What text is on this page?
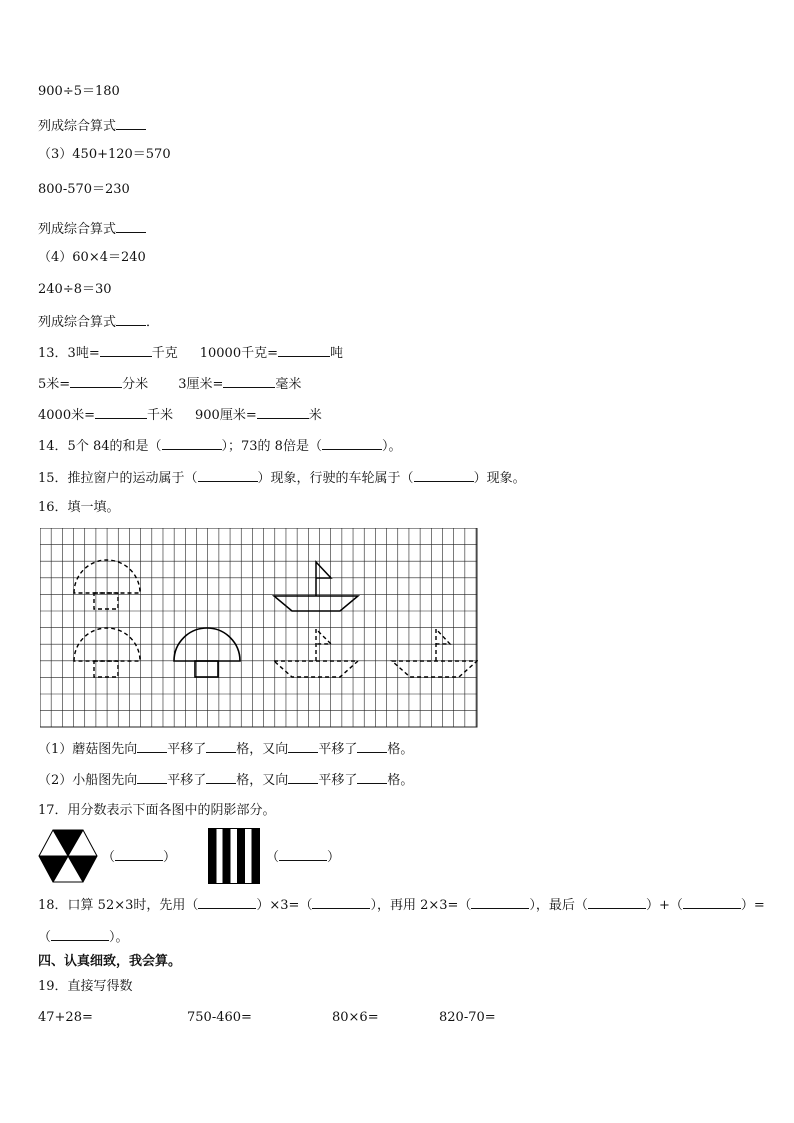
900÷5＝180
列成综合算式
（3）450+120＝570
800-570＝230
列成综合算式
（4）60×4＝240
240÷8＝30
列成综合算式 ．
13．3吨=	千克 10000千克=	吨
5米=	分米 3厘米=	毫米
4000米=	千米 900厘米=	米
14．5个 84的和是（	）；73的 8倍是（	）。
15．推拉窗户的运动属于（	）现象，行驶的车轮属于（	）现象。
16．填一填。
（1）蘑菇图先向 平移了 格，又向 平移了 格。
（2）小船图先向 平移了 格，又向 平移了 格。
17．用分数表示下面各图中的阴影部分。
（	）	（	）
18．口算 52×3时，先用（	）×3=（	），再用 2×3=（	），最后（	）+（	）=
（	）。
四、认真细致，我会算。
19．直接写得数
47+28=	750-460=	80×6=	820-70=
